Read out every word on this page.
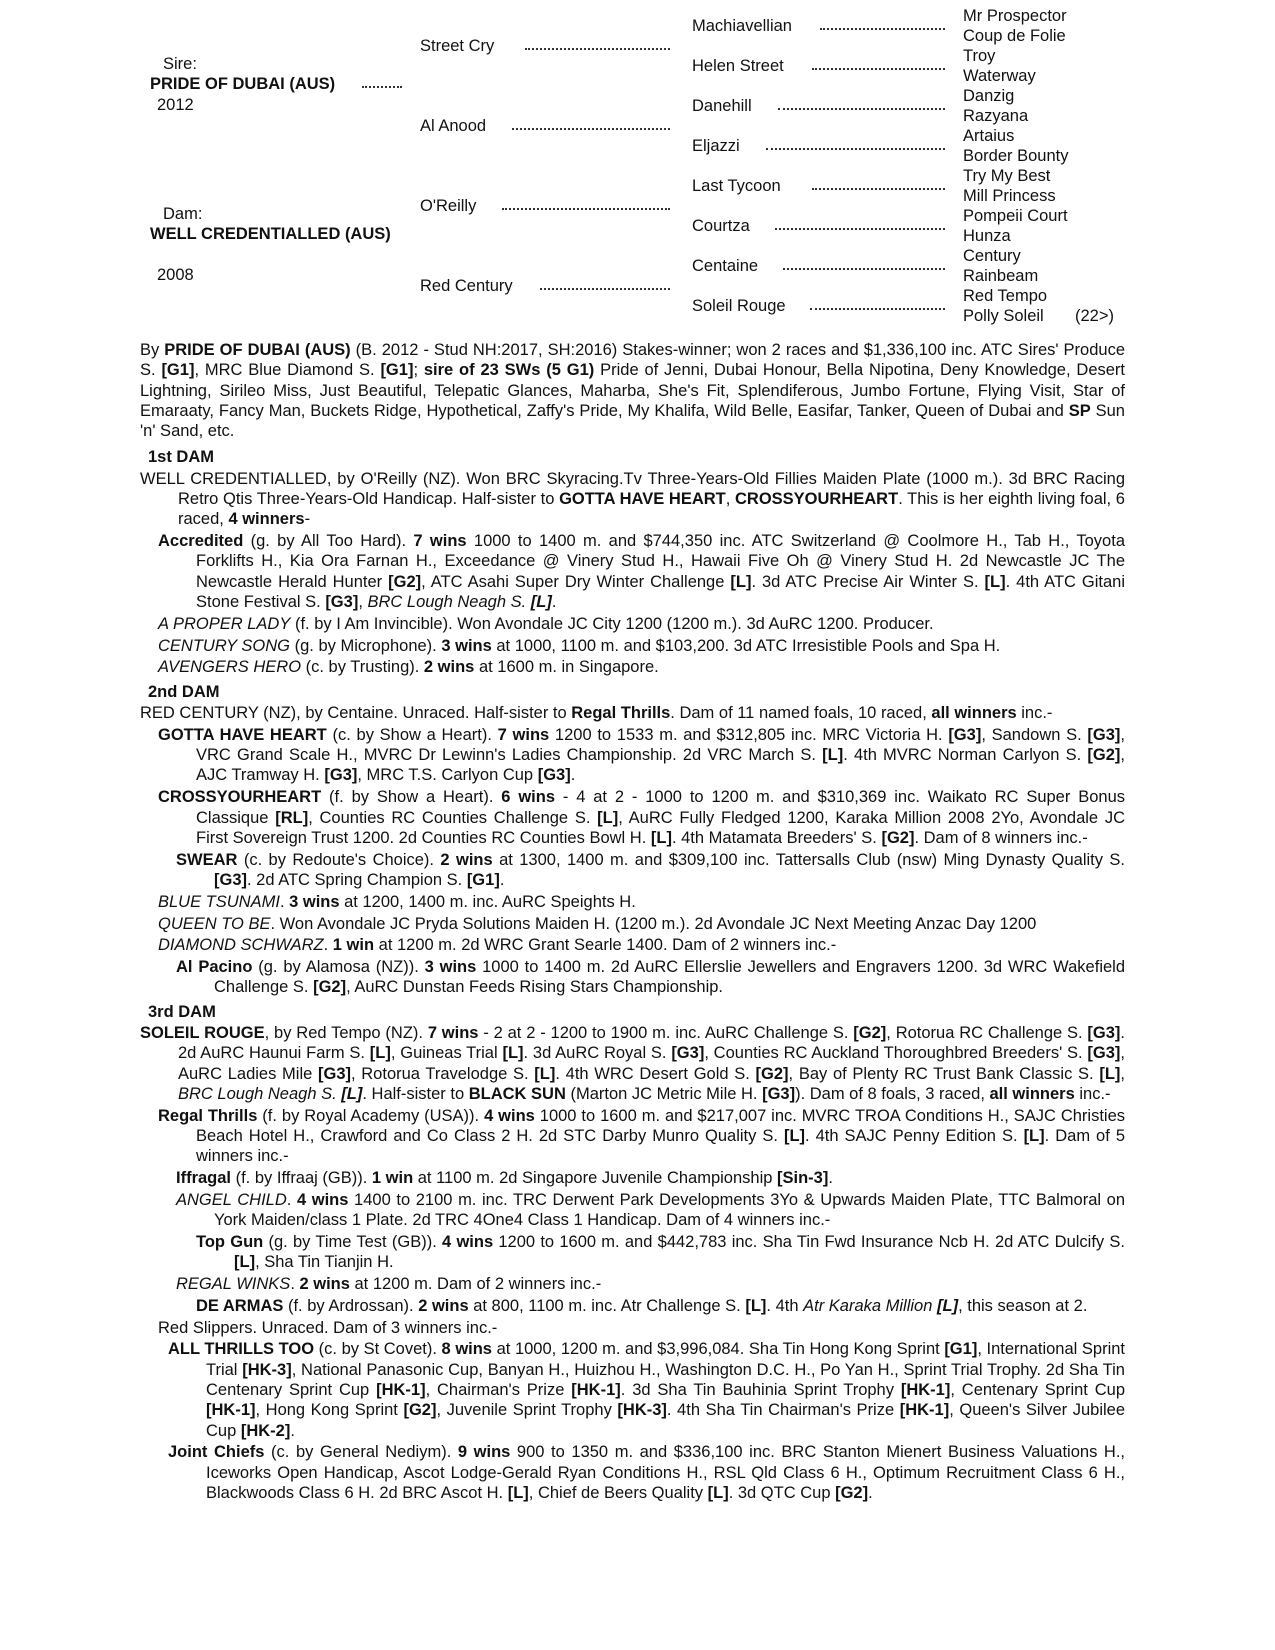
Sire:
PRIDE OF DUBAI (AUS)
2012
Dam:
WELL CREDENTIALLED (AUS)
2008
Street Cry
Al Anood
O'Reilly
Red Century
Machiavellian
Helen Street
Danehill
Eljazzi
Last Tycoon
Courtza
Centaine
Soleil Rouge
Mr Prospector
Coup de Folie
Troy
Waterway
Danzig
Razyana
Artaius
Border Bounty
Try My Best
Mill Princess
Pompeii Court
Hunza
Century
Rainbeam
Red Tempo
Polly Soleil (22>)
By PRIDE OF DUBAI (AUS) (B. 2012 - Stud NH:2017, SH:2016) Stakes-winner; won 2 races and $1,336,100 inc. ATC Sires' Produce S. [G1], MRC Blue Diamond S. [G1]; sire of 23 SWs (5 G1) Pride of Jenni, Dubai Honour, Bella Nipotina, Deny Knowledge, Desert Lightning, Sirileo Miss, Just Beautiful, Telepatic Glances, Maharba, She's Fit, Splendiferous, Jumbo Fortune, Flying Visit, Star of Emaraaty, Fancy Man, Buckets Ridge, Hypothetical, Zaffy's Pride, My Khalifa, Wild Belle, Easifar, Tanker, Queen of Dubai and SP Sun 'n' Sand, etc.
1st DAM
WELL CREDENTIALLED, by O'Reilly (NZ). Won BRC Skyracing.Tv Three-Years-Old Fillies Maiden Plate (1000 m.). 3d BRC Racing Retro Qtis Three-Years-Old Handicap. Half-sister to GOTTA HAVE HEART, CROSSYOURHEART. This is her eighth living foal, 6 raced, 4 winners-
Accredited (g. by All Too Hard). 7 wins 1000 to 1400 m. and $744,350 inc. ATC Switzerland @ Coolmore H., Tab H., Toyota Forklifts H., Kia Ora Farnan H., Exceedance @ Vinery Stud H., Hawaii Five Oh @ Vinery Stud H. 2d Newcastle JC The Newcastle Herald Hunter [G2], ATC Asahi Super Dry Winter Challenge [L]. 3d ATC Precise Air Winter S. [L]. 4th ATC Gitani Stone Festival S. [G3], BRC Lough Neagh S. [L].
A PROPER LADY (f. by I Am Invincible). Won Avondale JC City 1200 (1200 m.). 3d AuRC 1200. Producer.
CENTURY SONG (g. by Microphone). 3 wins at 1000, 1100 m. and $103,200. 3d ATC Irresistible Pools and Spa H.
AVENGERS HERO (c. by Trusting). 2 wins at 1600 m. in Singapore.
2nd DAM
RED CENTURY (NZ), by Centaine. Unraced. Half-sister to Regal Thrills. Dam of 11 named foals, 10 raced, all winners inc.-
GOTTA HAVE HEART (c. by Show a Heart). 7 wins 1200 to 1533 m. and $312,805 inc. MRC Victoria H. [G3], Sandown S. [G3], VRC Grand Scale H., MVRC Dr Lewinn's Ladies Championship. 2d VRC March S. [L]. 4th MVRC Norman Carlyon S. [G2], AJC Tramway H. [G3], MRC T.S. Carlyon Cup [G3].
CROSSYOURHEART (f. by Show a Heart). 6 wins - 4 at 2 - 1000 to 1200 m. and $310,369 inc. Waikato RC Super Bonus Classique [RL], Counties RC Counties Challenge S. [L], AuRC Fully Fledged 1200, Karaka Million 2008 2Yo, Avondale JC First Sovereign Trust 1200. 2d Counties RC Counties Bowl H. [L]. 4th Matamata Breeders' S. [G2]. Dam of 8 winners inc.-
SWEAR (c. by Redoute's Choice). 2 wins at 1300, 1400 m. and $309,100 inc. Tattersalls Club (nsw) Ming Dynasty Quality S. [G3]. 2d ATC Spring Champion S. [G1].
BLUE TSUNAMI. 3 wins at 1200, 1400 m. inc. AuRC Speights H.
QUEEN TO BE. Won Avondale JC Pryda Solutions Maiden H. (1200 m.). 2d Avondale JC Next Meeting Anzac Day 1200
DIAMOND SCHWARZ. 1 win at 1200 m. 2d WRC Grant Searle 1400. Dam of 2 winners inc.-
Al Pacino (g. by Alamosa (NZ)). 3 wins 1000 to 1400 m. 2d AuRC Ellerslie Jewellers and Engravers 1200. 3d WRC Wakefield Challenge S. [G2], AuRC Dunstan Feeds Rising Stars Championship.
3rd DAM
SOLEIL ROUGE, by Red Tempo (NZ). 7 wins - 2 at 2 - 1200 to 1900 m. inc. AuRC Challenge S. [G2], Rotorua RC Challenge S. [G3]. 2d AuRC Haunui Farm S. [L], Guineas Trial [L]. 3d AuRC Royal S. [G3], Counties RC Auckland Thoroughbred Breeders' S. [G3], AuRC Ladies Mile [G3], Rotorua Travelodge S. [L]. 4th WRC Desert Gold S. [G2], Bay of Plenty RC Trust Bank Classic S. [L], BRC Lough Neagh S. [L]. Half-sister to BLACK SUN (Marton JC Metric Mile H. [G3]). Dam of 8 foals, 3 raced, all winners inc.-
Regal Thrills (f. by Royal Academy (USA)). 4 wins 1000 to 1600 m. and $217,007 inc. MVRC TROA Conditions H., SAJC Christies Beach Hotel H., Crawford and Co Class 2 H. 2d STC Darby Munro Quality S. [L]. 4th SAJC Penny Edition S. [L]. Dam of 5 winners inc.-
Iffragal (f. by Iffraaj (GB)). 1 win at 1100 m. 2d Singapore Juvenile Championship [Sin-3].
ANGEL CHILD. 4 wins 1400 to 2100 m. inc. TRC Derwent Park Developments 3Yo & Upwards Maiden Plate, TTC Balmoral on York Maiden/class 1 Plate. 2d TRC 4One4 Class 1 Handicap. Dam of 4 winners inc.-
Top Gun (g. by Time Test (GB)). 4 wins 1200 to 1600 m. and $442,783 inc. Sha Tin Fwd Insurance Ncb H. 2d ATC Dulcify S. [L], Sha Tin Tianjin H.
REGAL WINKS. 2 wins at 1200 m. Dam of 2 winners inc.-
DE ARMAS (f. by Ardrossan). 2 wins at 800, 1100 m. inc. Atr Challenge S. [L]. 4th Atr Karaka Million [L], this season at 2.
Red Slippers. Unraced. Dam of 3 winners inc.-
ALL THRILLS TOO (c. by St Covet). 8 wins at 1000, 1200 m. and $3,996,084. Sha Tin Hong Kong Sprint [G1], International Sprint Trial [HK-3], National Panasonic Cup, Banyan H., Huizhou H., Washington D.C. H., Po Yan H., Sprint Trial Trophy. 2d Sha Tin Centenary Sprint Cup [HK-1], Chairman's Prize [HK-1]. 3d Sha Tin Bauhinia Sprint Trophy [HK-1], Centenary Sprint Cup [HK-1], Hong Kong Sprint [G2], Juvenile Sprint Trophy [HK-3]. 4th Sha Tin Chairman's Prize [HK-1], Queen's Silver Jubilee Cup [HK-2].
Joint Chiefs (c. by General Nediym). 9 wins 900 to 1350 m. and $336,100 inc. BRC Stanton Mienert Business Valuations H., Iceworks Open Handicap, Ascot Lodge-Gerald Ryan Conditions H., RSL Qld Class 6 H., Optimum Recruitment Class 6 H., Blackwoods Class 6 H. 2d BRC Ascot H. [L], Chief de Beers Quality [L]. 3d QTC Cup [G2].
